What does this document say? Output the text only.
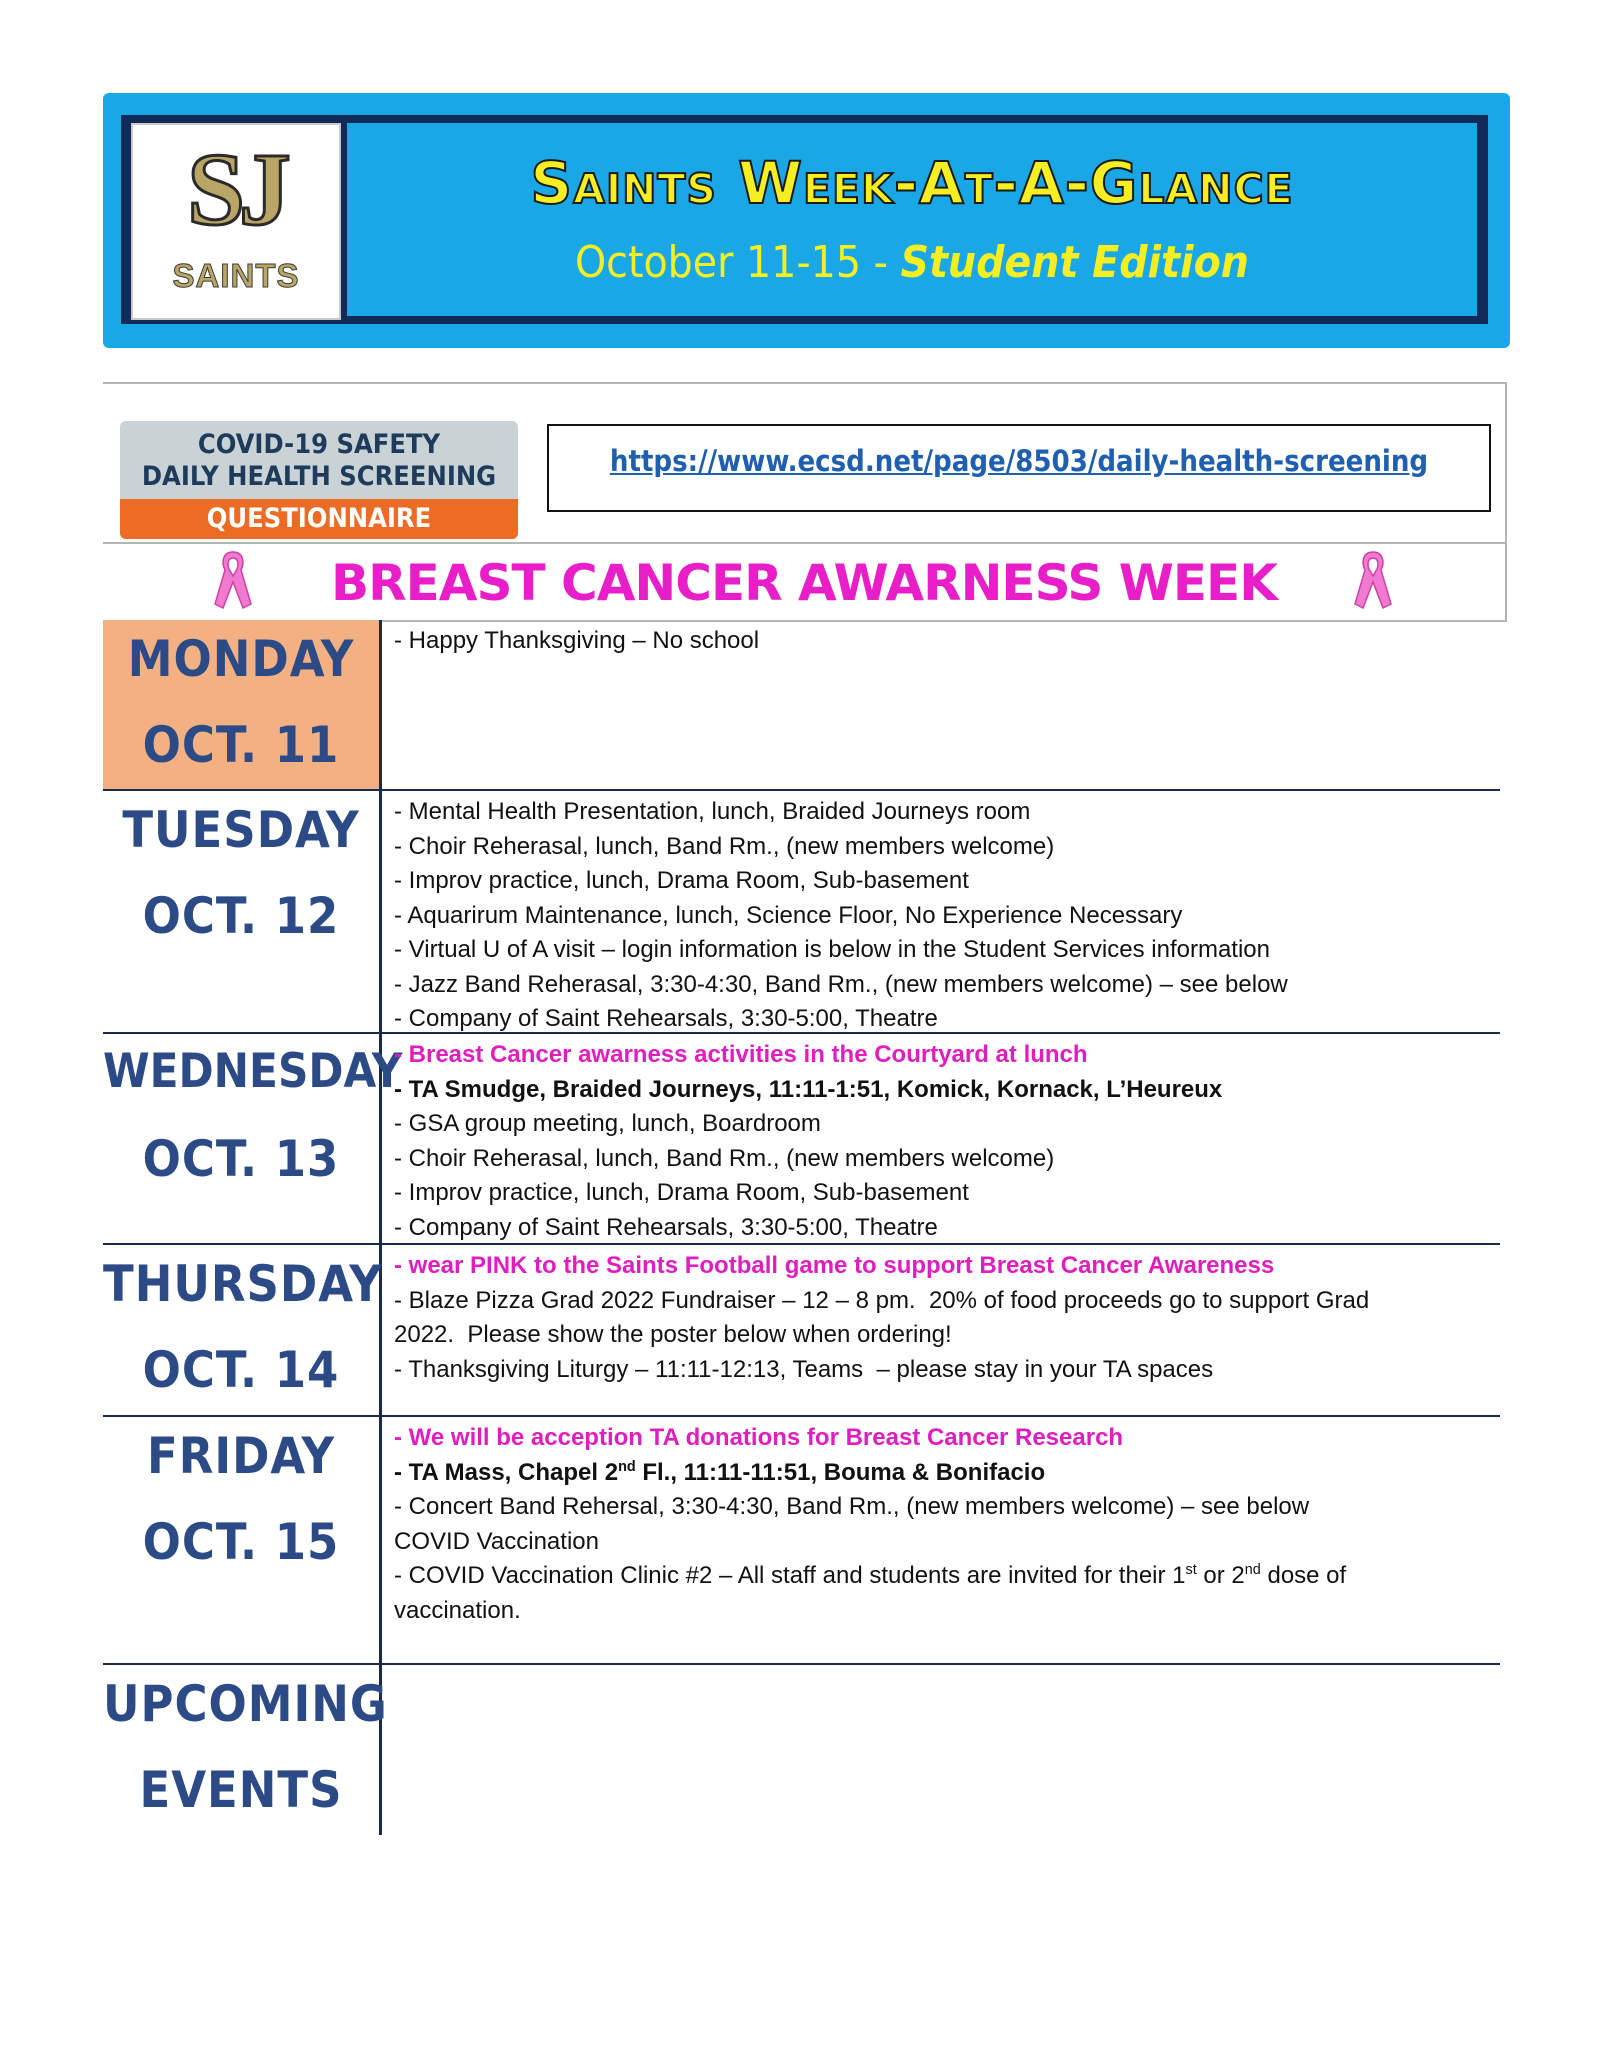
SJ
SAINTS
Saints Week-At-A-Glance
October 11-15 - Student Edition
COVID-19 SAFETY
DAILY HEALTH SCREENING
QUESTIONNAIRE
https://www.ecsd.net/page/8503/daily-health-screening
BREAST CANCER AWARNESS WEEK
MONDAY
OCT. 11
- Happy Thanksgiving – No school
TUESDAY
OCT. 12
- Mental Health Presentation, lunch, Braided Journeys room
- Choir Reherasal, lunch, Band Rm., (new members welcome)
- Improv practice, lunch, Drama Room, Sub-basement
- Aquarirum Maintenance, lunch, Science Floor, No Experience Necessary
- Virtual U of A visit – login information is below in the Student Services information
- Jazz Band Reherasal, 3:30-4:30, Band Rm., (new members welcome) – see below
- Company of Saint Rehearsals, 3:30-5:00, Theatre
WEDNESDAY
OCT. 13
- Breast Cancer awarness activities in the Courtyard at lunch
- TA Smudge, Braided Journeys, 11:11-1:51, Komick, Kornack, L’Heureux
- GSA group meeting, lunch, Boardroom
- Choir Reherasal, lunch, Band Rm., (new members welcome)
- Improv practice, lunch, Drama Room, Sub-basement
- Company of Saint Rehearsals, 3:30-5:00, Theatre
THURSDAY
OCT. 14
- wear PINK to the Saints Football game to support Breast Cancer Awareness
- Blaze Pizza Grad 2022 Fundraiser – 12 – 8 pm.  20% of food proceeds go to support Grad
2022.  Please show the poster below when ordering!
- Thanksgiving Liturgy – 11:11-12:13, Teams  – please stay in your TA spaces
FRIDAY
OCT. 15
- We will be acception TA donations for Breast Cancer Research
- TA Mass, Chapel 2nd Fl., 11:11-11:51, Bouma & Bonifacio
- Concert Band Rehersal, 3:30-4:30, Band Rm., (new members welcome) – see below
COVID Vaccination
- COVID Vaccination Clinic #2 – All staff and students are invited for their 1st or 2nd dose of
vaccination.
UPCOMING
EVENTS
